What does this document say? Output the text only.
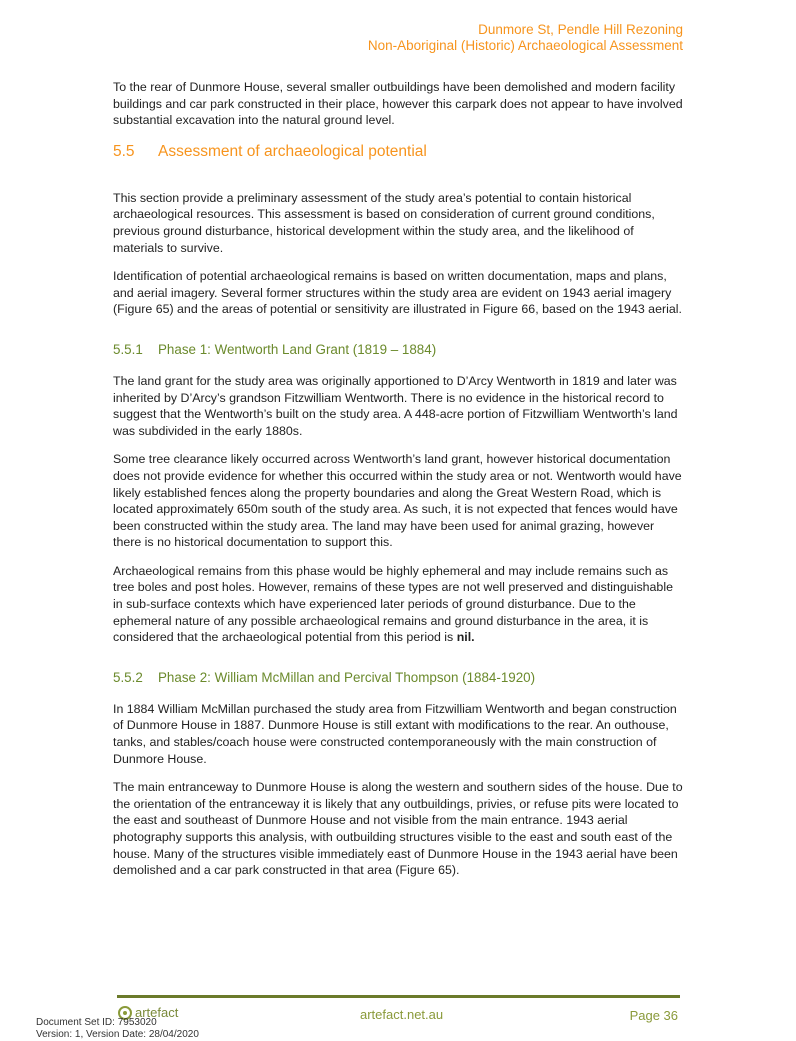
Dunmore St, Pendle Hill Rezoning
Non-Aboriginal (Historic) Archaeological Assessment

To the rear of Dunmore House, several smaller outbuildings have been demolished and modern facility buildings and car park constructed in their place, however this carpark does not appear to have involved substantial excavation into the natural ground level.

5.5 Assessment of archaeological potential

This section provide a preliminary assessment of the study area’s potential to contain historical archaeological resources. This assessment is based on consideration of current ground conditions, previous ground disturbance, historical development within the study area, and the likelihood of materials to survive.

Identification of potential archaeological remains is based on written documentation, maps and plans, and aerial imagery. Several former structures within the study area are evident on 1943 aerial imagery (Figure 65) and the areas of potential or sensitivity are illustrated in Figure 66, based on the 1943 aerial.

5.5.1 Phase 1: Wentworth Land Grant (1819 – 1884)

The land grant for the study area was originally apportioned to D’Arcy Wentworth in 1819 and later was inherited by D’Arcy’s grandson Fitzwilliam Wentworth. There is no evidence in the historical record to suggest that the Wentworth’s built on the study area. A 448-acre portion of Fitzwilliam Wentworth’s land was subdivided in the early 1880s.

Some tree clearance likely occurred across Wentworth’s land grant, however historical documentation does not provide evidence for whether this occurred within the study area or not. Wentworth would have likely established fences along the property boundaries and along the Great Western Road, which is located approximately 650m south of the study area. As such, it is not expected that fences would have been constructed within the study area. The land may have been used for animal grazing, however there is no historical documentation to support this.

Archaeological remains from this phase would be highly ephemeral and may include remains such as tree boles and post holes. However, remains of these types are not well preserved and distinguishable in sub-surface contexts which have experienced later periods of ground disturbance. Due to the ephemeral nature of any possible archaeological remains and ground disturbance in the area, it is considered that the archaeological potential from this period is nil.

5.5.2 Phase 2: William McMillan and Percival Thompson (1884-1920)

In 1884 William McMillan purchased the study area from Fitzwilliam Wentworth and began construction of Dunmore House in 1887. Dunmore House is still extant with modifications to the rear. An outhouse, tanks, and stables/coach house were constructed contemporaneously with the main construction of Dunmore House.

The main entranceway to Dunmore House is along the western and southern sides of the house. Due to the orientation of the entranceway it is likely that any outbuildings, privies, or refuse pits were located to the east and southeast of Dunmore House and not visible from the main entrance. 1943 aerial photography supports this analysis, with outbuilding structures visible to the east and south east of the house. Many of the structures visible immediately east of Dunmore House in the 1943 aerial have been demolished and a car park constructed in that area (Figure 65).

artefact	artefact.net.au	Page 36
Document Set ID: 7953020
Version: 1, Version Date: 28/04/2020
